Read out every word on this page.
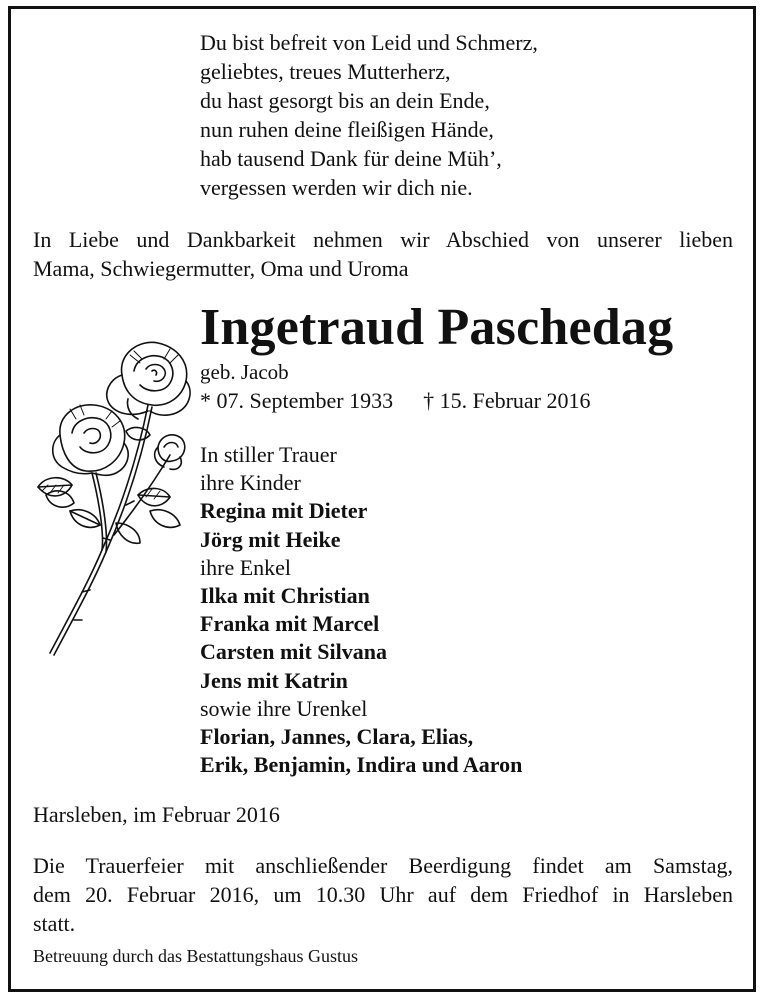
Du bist befreit von Leid und Schmerz,
geliebtes, treues Mutterherz,
du hast gesorgt bis an dein Ende,
nun ruhen deine fleißigen Hände,
hab tausend Dank für deine Müh’,
vergessen werden wir dich nie.
In Liebe und Dankbarkeit nehmen wir Abschied von unserer lieben
Mama, Schwiegermutter, Oma und Uroma
Ingetraud Paschedag
geb. Jacob
* 07. September 1933 † 15. Februar 2016
In stiller Trauer
ihre Kinder
Regina mit Dieter
Jörg mit Heike
ihre Enkel
Ilka mit Christian
Franka mit Marcel
Carsten mit Silvana
Jens mit Katrin
sowie ihre Urenkel
Florian, Jannes, Clara, Elias,
Erik, Benjamin, Indira und Aaron
Harsleben, im Februar 2016
Die Trauerfeier mit anschließender Beerdigung findet am Samstag,
dem 20. Februar 2016, um 10.30 Uhr auf dem Friedhof in Harsleben
statt.
Betreuung durch das Bestattungshaus Gustus
